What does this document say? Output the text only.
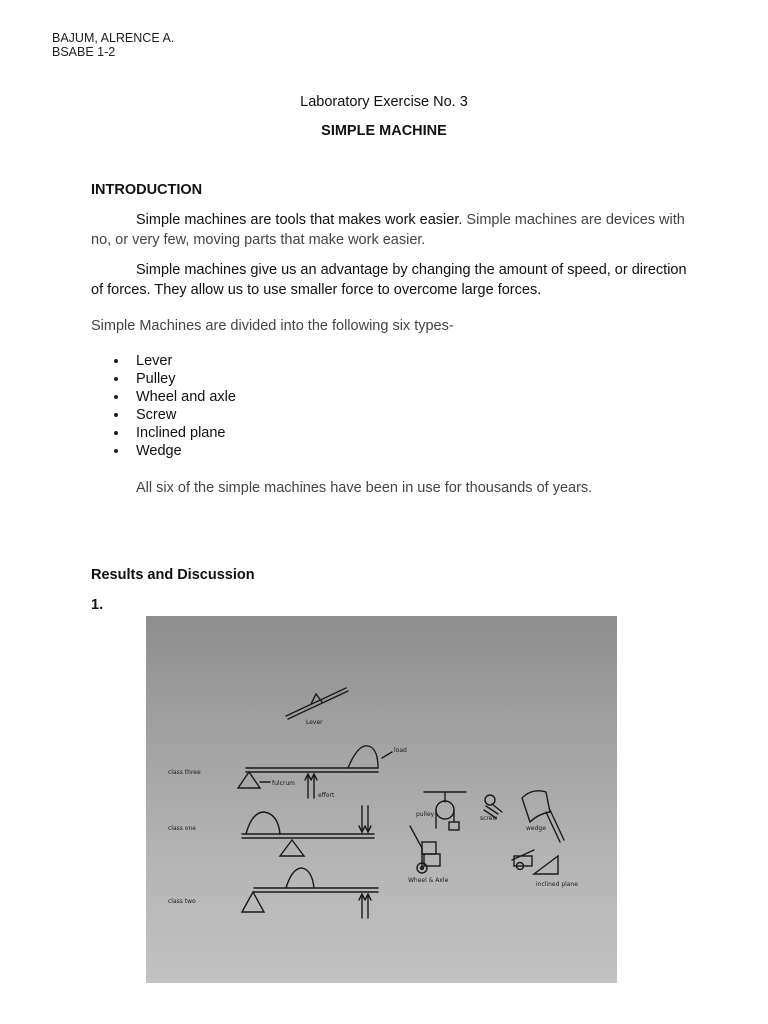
BAJUM, ALRENCE A.
BSABE 1-2
Laboratory Exercise No. 3
SIMPLE MACHINE
INTRODUCTION
Simple machines are tools that makes work easier. Simple machines are devices with no, or very few, moving parts that make work easier.
Simple machines give us an advantage by changing the amount of speed, or direction of forces. They allow us to use smaller force to overcome large forces.
Simple Machines are divided into the following six types-
Lever
Pulley
Wheel and axle
Screw
Inclined plane
Wedge
All six of the simple machines have been in use for thousands of years.
Results and Discussion
1.
Lever
class three
load
fulcrum
effort
class one
class two
pulley
screw
wedge
Wheel & Axle
inclined plane
